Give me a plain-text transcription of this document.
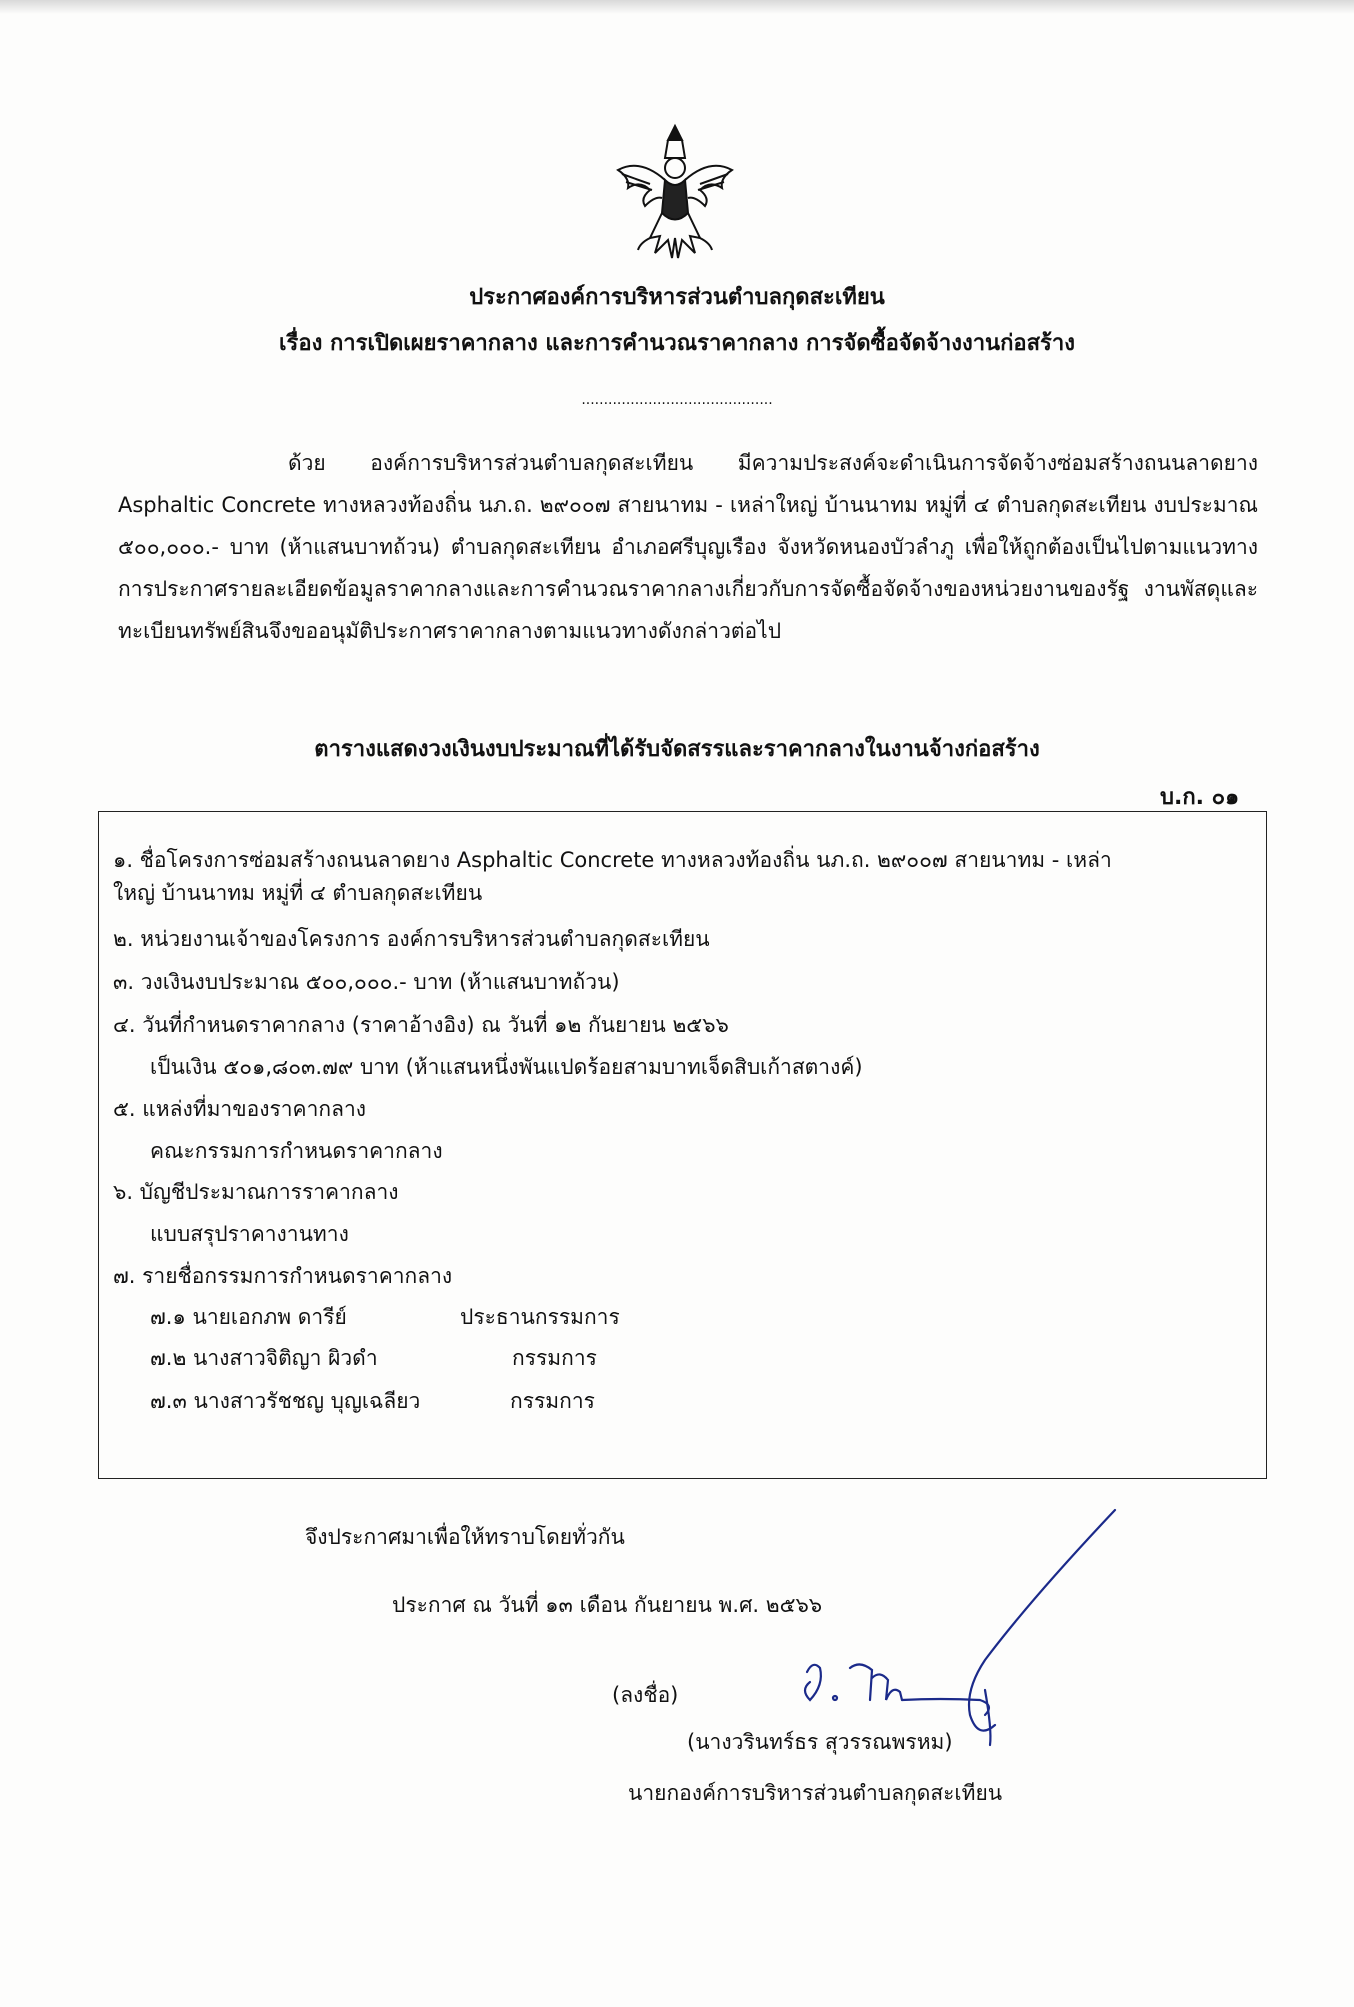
ประกาศองค์การบริหารส่วนตำบลกุดสะเทียน
เรื่อง การเปิดเผยราคากลาง และการคำนวณราคากลาง การจัดซื้อจัดจ้างงานก่อสร้าง
...........................................
ด้วย องค์การบริหารส่วนตำบลกุดสะเทียน มีความประสงค์จะดำเนินการจัดจ้างซ่อมสร้างถนนลาดยาง Asphaltic Concrete ทางหลวงท้องถิ่น นภ.ถ. ๒๙๐๐๗ สายนาทม - เหล่าใหญ่ บ้านนาทม หมู่ที่ ๔ ตำบลกุดสะเทียน งบประมาณ ๕๐๐,๐๐๐.- บาท (ห้าแสนบาทถ้วน) ตำบลกุดสะเทียน อำเภอศรีบุญเรือง จังหวัดหนองบัวลำภู เพื่อให้ถูกต้องเป็นไปตามแนวทางการประกาศรายละเอียดข้อมูลราคากลางและการคำนวณราคากลางเกี่ยวกับการจัดซื้อจัดจ้างของหน่วยงานของรัฐ งานพัสดุและทะเบียนทรัพย์สินจึงขออนุมัติประกาศราคากลางตามแนวทางดังกล่าวต่อไป
ตารางแสดงวงเงินงบประมาณที่ได้รับจัดสรรและราคากลางในงานจ้างก่อสร้าง
บ.ก. ๐๑
๑. ชื่อโครงการซ่อมสร้างถนนลาดยาง Asphaltic Concrete ทางหลวงท้องถิ่น นภ.ถ. ๒๙๐๐๗ สายนาทม - เหล่า
ใหญ่ บ้านนาทม หมู่ที่ ๔ ตำบลกุดสะเทียน
๒. หน่วยงานเจ้าของโครงการ องค์การบริหารส่วนตำบลกุดสะเทียน
๓. วงเงินงบประมาณ ๕๐๐,๐๐๐.- บาท (ห้าแสนบาทถ้วน)
๔. วันที่กำหนดราคากลาง (ราคาอ้างอิง) ณ วันที่ ๑๒ กันยายน ๒๕๖๖
เป็นเงิน ๕๐๑,๘๐๓.๗๙ บาท (ห้าแสนหนึ่งพันแปดร้อยสามบาทเจ็ดสิบเก้าสตางค์)
๕. แหล่งที่มาของราคากลาง
คณะกรรมการกำหนดราคากลาง
๖. บัญชีประมาณการราคากลาง
แบบสรุปราคางานทาง
๗. รายชื่อกรรมการกำหนดราคากลาง
๗.๑ นายเอกภพ ดารีย์	ประธานกรรมการ
๗.๒ นางสาวจิติญา ผิวดำ	กรรมการ
๗.๓ นางสาวรัชชญ บุญเฉลียว	กรรมการ
จึงประกาศมาเพื่อให้ทราบโดยทั่วกัน
ประกาศ ณ วันที่ ๑๓ เดือน กันยายน พ.ศ. ๒๕๖๖
(ลงชื่อ)
(นางวรินทร์ธร สุวรรณพรหม)
นายกองค์การบริหารส่วนตำบลกุดสะเทียน
